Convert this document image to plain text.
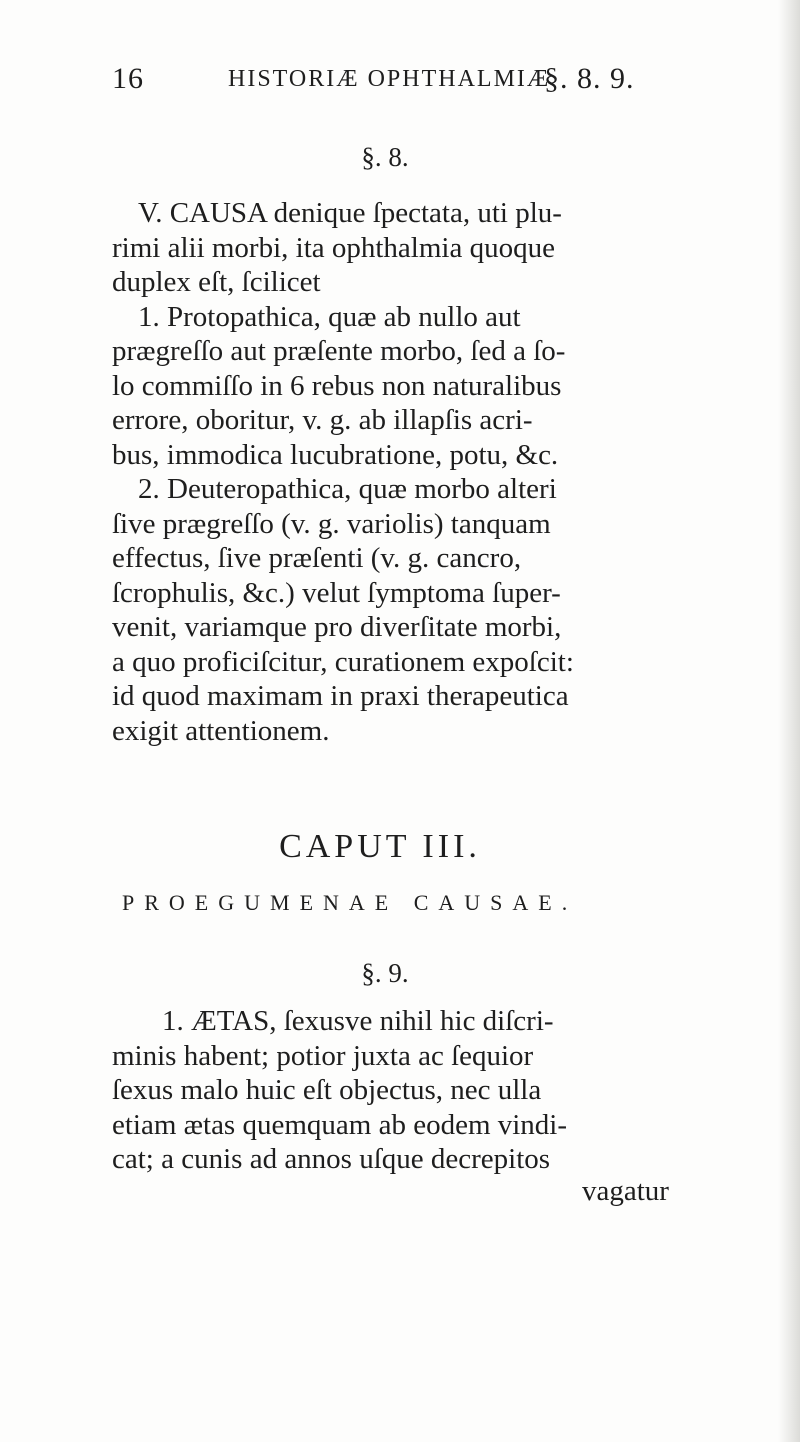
16	HISTORIÆ OPHTHALMIÆ
§. 8. 9.
§. 8.
V. CAUSA denique ſpectata, uti plu-
rimi alii morbi, ita ophthalmia quoque
duplex eſt, ſcilicet
1. Protopathica, quæ ab nullo aut
prægreſſo aut præſente morbo, ſed a ſo-
lo commiſſo in 6 rebus non naturalibus
errore, oboritur, v. g. ab illapſis acri-
bus, immodica lucubratione, potu, &c.
2. Deuteropathica, quæ morbo alteri
ſive prægreſſo (v. g. variolis) tanquam
effectus, ſive præſenti (v. g. cancro,
ſcrophulis, &c.) velut ſymptoma ſuper-
venit, variamque pro diverſitate morbi,
a quo proficiſcitur, curationem expoſcit:
id quod maximam in praxi therapeutica
exigit attentionem.
CAPUT III.
PROEGUMENAE CAUSAE.
§. 9.
1. ÆTAS, ſexusve nihil hic diſcri-
minis habent; potior juxta ac ſequior
ſexus malo huic eſt objectus, nec ulla
etiam ætas quemquam ab eodem vindi-
cat; a cunis ad annos uſque decrepitos
vagatur
